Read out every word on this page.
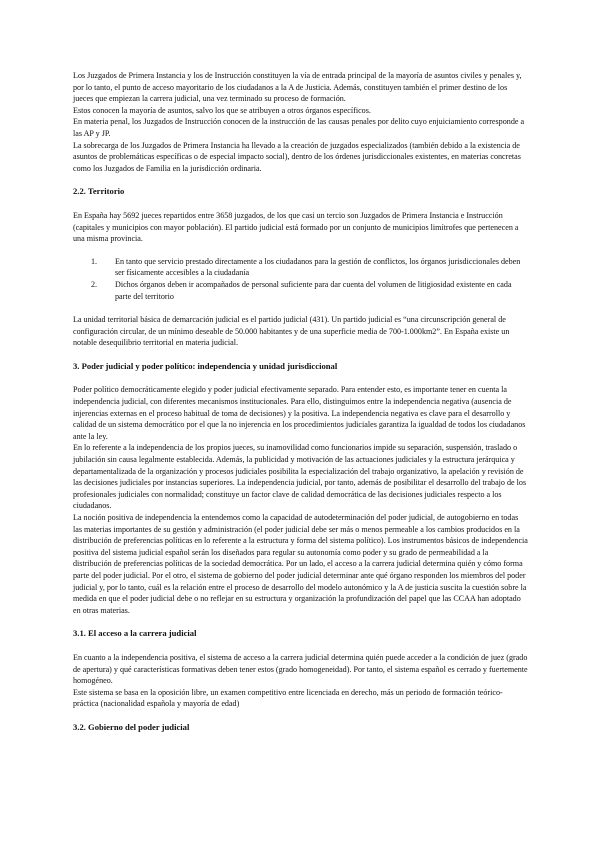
Los Juzgados de Primera Instancia y los de Instrucción constituyen la vía de entrada principal de la mayoría de asuntos civiles y penales y, por lo tanto, el punto de acceso mayoritario de los ciudadanos a la A de Justicia. Además, constituyen también el primer destino de los jueces que empiezan la carrera judicial, una vez terminado su proceso de formación.

Estos conocen la mayoría de asuntos, salvo los que se atribuyen a otros órganos específicos.

En materia penal, los Juzgados de Instrucción conocen de la instrucción de las causas penales por delito cuyo enjuiciamiento corresponde a las AP y JP.

La sobrecarga de los Juzgados de Primera Instancia ha llevado a la creación de juzgados especializados (también debido a la existencia de asuntos de problemáticas específicas o de especial impacto social), dentro de los órdenes jurisdiccionales existentes, en materias concretas como los Juzgados de Familia en la jurisdicción ordinaria.

2.2. Territorio

En España hay 5692 jueces repartidos entre 3658 juzgados, de los que casi un tercio son Juzgados de Primera Instancia e Instrucción (capitales y municipios con mayor población). El partido judicial está formado por un conjunto de municipios limítrofes que pertenecen a una misma provincia.

1.	En tanto que servicio prestado directamente a los ciudadanos para la gestión de conflictos, los órganos jurisdiccionales deben ser físicamente accesibles a la ciudadanía
2.	Dichos órganos deben ir acompañados de personal suficiente para dar cuenta del volumen de litigiosidad existente en cada parte del territorio

La unidad territorial básica de demarcación judicial es el partido judicial (431). Un partido judicial es “una circunscripción general de configuración circular, de un mínimo deseable de 50.000 habitantes y de una superficie media de 700-1.000km2”. En España existe un notable desequilibrio territorial en materia judicial.

3. Poder judicial y poder político: independencia y unidad jurisdiccional

Poder político democráticamente elegido y poder judicial efectivamente separado. Para entender esto, es importante tener en cuenta la independencia judicial, con diferentes mecanismos institucionales. Para ello, distinguimos entre la independencia negativa (ausencia de injerencias externas en el proceso habitual de toma de decisiones) y la positiva. La independencia negativa es clave para el desarrollo y calidad de un sistema democrático por el que la no injerencia en los procedimientos judiciales garantiza la igualdad de todos los ciudadanos ante la ley.

En lo referente a la independencia de los propios jueces, su inamovilidad como funcionarios impide su separación, suspensión, traslado o jubilación sin causa legalmente establecida. Además, la publicidad y motivación de las actuaciones judiciales y la estructura jerárquica y departamentalizada de la organización y procesos judiciales posibilita la especialización del trabajo organizativo, la apelación y revisión de las decisiones judiciales por instancias superiores. La independencia judicial, por tanto, además de posibilitar el desarrollo del trabajo de los profesionales judiciales con normalidad; constituye un factor clave de calidad democrática de las decisiones judiciales respecto a los ciudadanos.

La noción positiva de independencia la entendemos como la capacidad de autodeterminación del poder judicial, de autogobierno en todas las materias importantes de su gestión y administración (el poder judicial debe ser más o menos permeable a los cambios producidos en la distribución de preferencias políticas en lo referente a la estructura y forma del sistema político). Los instrumentos básicos de independencia positiva del sistema judicial español serán los diseñados para regular su autonomía como poder y su grado de permeabilidad a la distribución de preferencias políticas de la sociedad democrática. Por un lado, el acceso a la carrera judicial determina quién y cómo forma parte del poder judicial. Por el otro, el sistema de gobierno del poder judicial determinar ante qué órgano responden los miembros del poder judicial y, por lo tanto, cuál es la relación entre el proceso de desarrollo del modelo autonómico y la A de justicia suscita la cuestión sobre la medida en que el poder judicial debe o no reflejar en su estructura y organización la profundización del papel que las CCAA han adoptado en otras materias.

3.1. El acceso a la carrera judicial

En cuanto a la independencia positiva, el sistema de acceso a la carrera judicial determina quién puede acceder a la condición de juez (grado de apertura) y qué características formativas deben tener estos (grado homogeneidad). Por tanto, el sistema español es cerrado y fuertemente homogéneo.

Este sistema se basa en la oposición libre, un examen competitivo entre licenciada en derecho, más un periodo de formación teórico-práctica (nacionalidad española y mayoría de edad)

3.2. Gobierno del poder judicial
